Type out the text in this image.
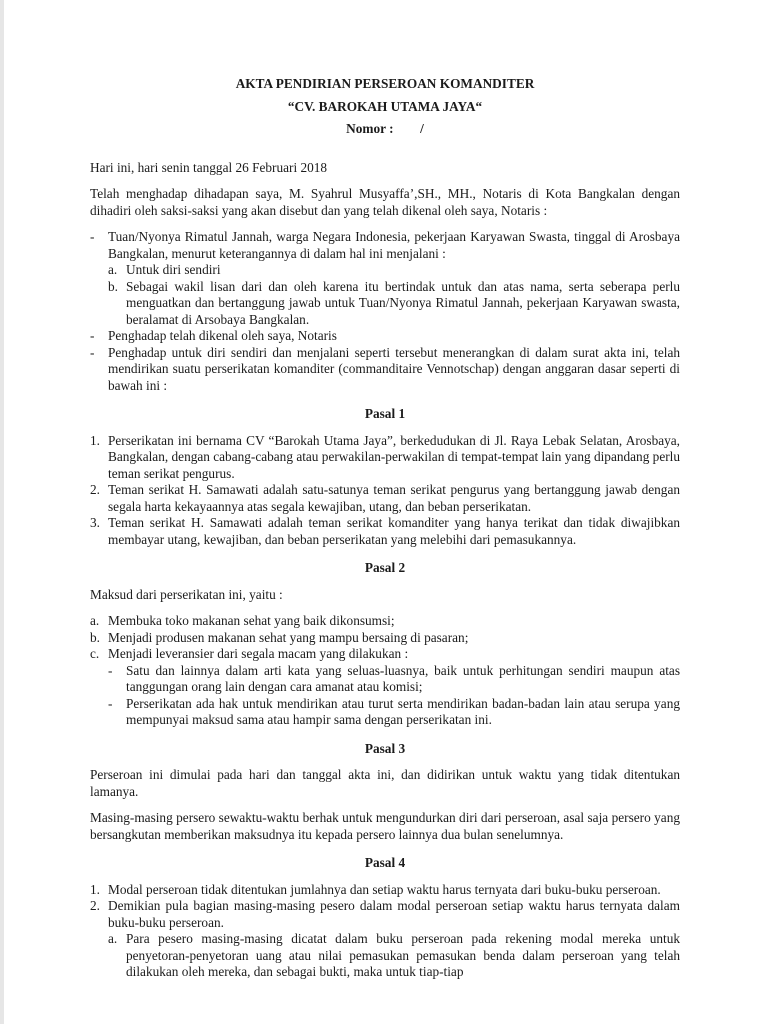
AKTA PENDIRIAN PERSEROAN KOMANDITER

“CV. BAROKAH UTAMA JAYA“

Nomor :        /

Hari ini, hari senin tanggal 26 Februari 2018

Telah menghadap dihadapan saya, M. Syahrul Musyaffa’,SH., MH., Notaris di Kota Bangkalan dengan dihadiri oleh saksi-saksi yang akan disebut dan yang telah dikenal oleh saya, Notaris :

-	Tuan/Nyonya Rimatul Jannah, warga Negara Indonesia, pekerjaan Karyawan Swasta, tinggal di Arosbaya Bangkalan, menurut keterangannya di dalam hal ini menjalani :
a. Untuk diri sendiri
b. Sebagai wakil lisan dari dan oleh karena itu bertindak untuk dan atas nama, serta seberapa perlu menguatkan dan bertanggung jawab untuk Tuan/Nyonya Rimatul Jannah, pekerjaan Karyawan swasta, beralamat di Arsobaya Bangkalan.
-	Penghadap telah dikenal oleh saya, Notaris
-	Penghadap untuk diri sendiri dan menjalani seperti tersebut menerangkan di dalam surat akta ini, telah mendirikan suatu perserikatan komanditer (commanditaire Vennotschap) dengan anggaran dasar seperti di bawah ini :

Pasal 1

1. Perserikatan ini bernama CV “Barokah Utama Jaya”, berkedudukan di Jl. Raya Lebak Selatan, Arosbaya, Bangkalan, dengan cabang-cabang atau perwakilan-perwakilan di tempat-tempat lain yang dipandang perlu teman serikat pengurus.
2. Teman serikat H. Samawati adalah satu-satunya teman serikat pengurus yang bertanggung jawab dengan segala harta kekayaannya atas segala kewajiban, utang, dan beban perserikatan.
3. Teman serikat H. Samawati adalah teman serikat komanditer yang hanya terikat dan tidak diwajibkan membayar utang, kewajiban, dan beban perserikatan yang melebihi dari pemasukannya.

Pasal 2

Maksud dari perserikatan ini, yaitu :

a. Membuka toko makanan sehat yang baik dikonsumsi;
b. Menjadi produsen makanan sehat yang mampu bersaing di pasaran;
c. Menjadi leveransier dari segala macam yang dilakukan :
-	Satu dan lainnya dalam arti kata yang seluas-luasnya, baik untuk perhitungan sendiri maupun atas tanggungan orang lain dengan cara amanat atau komisi;
-	Perserikatan ada hak untuk mendirikan atau turut serta mendirikan badan-badan lain atau serupa yang mempunyai maksud sama atau hampir sama dengan perserikatan ini.

Pasal 3

Perseroan ini dimulai pada hari dan tanggal akta ini, dan didirikan untuk waktu yang tidak ditentukan lamanya.

Masing-masing persero sewaktu-waktu berhak untuk mengundurkan diri dari perseroan, asal saja persero yang bersangkutan memberikan maksudnya itu kepada persero lainnya dua bulan senelumnya.

Pasal 4

1. Modal perseroan tidak ditentukan jumlahnya dan setiap waktu harus ternyata dari buku-buku perseroan.
2. Demikian pula bagian masing-masing pesero dalam modal perseroan setiap waktu harus ternyata dalam buku-buku perseroan.
a. Para pesero masing-masing dicatat dalam buku perseroan pada rekening modal mereka untuk penyetoran-penyetoran uang atau nilai pemasukan pemasukan benda dalam perseroan yang telah dilakukan oleh mereka, dan sebagai bukti, maka untuk tiap-tiap
